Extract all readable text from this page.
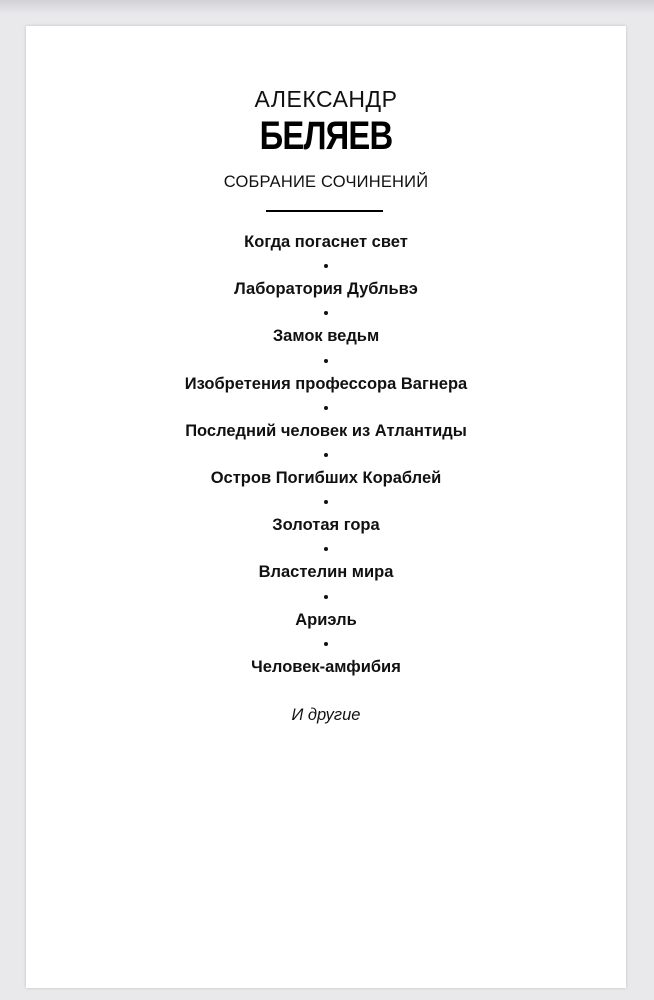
АЛЕКСАНДР
БЕЛЯЕВ
СОБРАНИЕ СОЧИНЕНИЙ
Когда погаснет свет
Лаборатория Дубльвэ
Замок ведьм
Изобретения профессора Вагнера
Последний человек из Атлантиды
Остров Погибших Кораблей
Золотая гора
Властелин мира
Ариэль
Человек-амфибия
И другие
